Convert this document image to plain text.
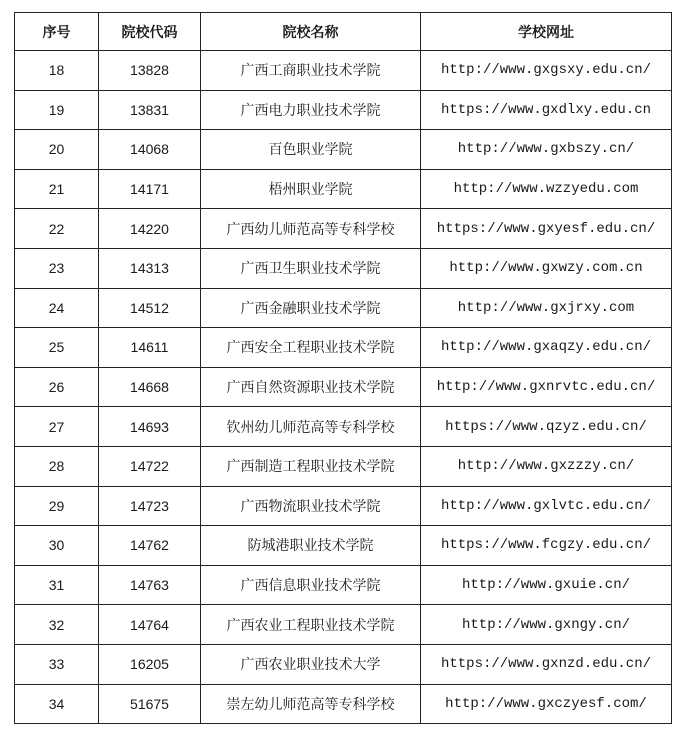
序号	院校代码	院校名称	学校网址
18	13828	广西工商职业技术学院	http://www.gxgsxy.edu.cn/
19	13831	广西电力职业技术学院	https://www.gxdlxy.edu.cn
20	14068	百色职业学院	http://www.gxbszy.cn/
21	14171	梧州职业学院	http://www.wzzyedu.com
22	14220	广西幼儿师范高等专科学校	https://www.gxyesf.edu.cn/
23	14313	广西卫生职业技术学院	http://www.gxwzy.com.cn
24	14512	广西金融职业技术学院	http://www.gxjrxy.com
25	14611	广西安全工程职业技术学院	http://www.gxaqzy.edu.cn/
26	14668	广西自然资源职业技术学院	http://www.gxnrvtc.edu.cn/
27	14693	钦州幼儿师范高等专科学校	https://www.qzyz.edu.cn/
28	14722	广西制造工程职业技术学院	http://www.gxzzzy.cn/
29	14723	广西物流职业技术学院	http://www.gxlvtc.edu.cn/
30	14762	防城港职业技术学院	https://www.fcgzy.edu.cn/
31	14763	广西信息职业技术学院	http://www.gxuie.cn/
32	14764	广西农业工程职业技术学院	http://www.gxngy.cn/
33	16205	广西农业职业技术大学	https://www.gxnzd.edu.cn/
34	51675	崇左幼儿师范高等专科学校	http://www.gxczyesf.com/
